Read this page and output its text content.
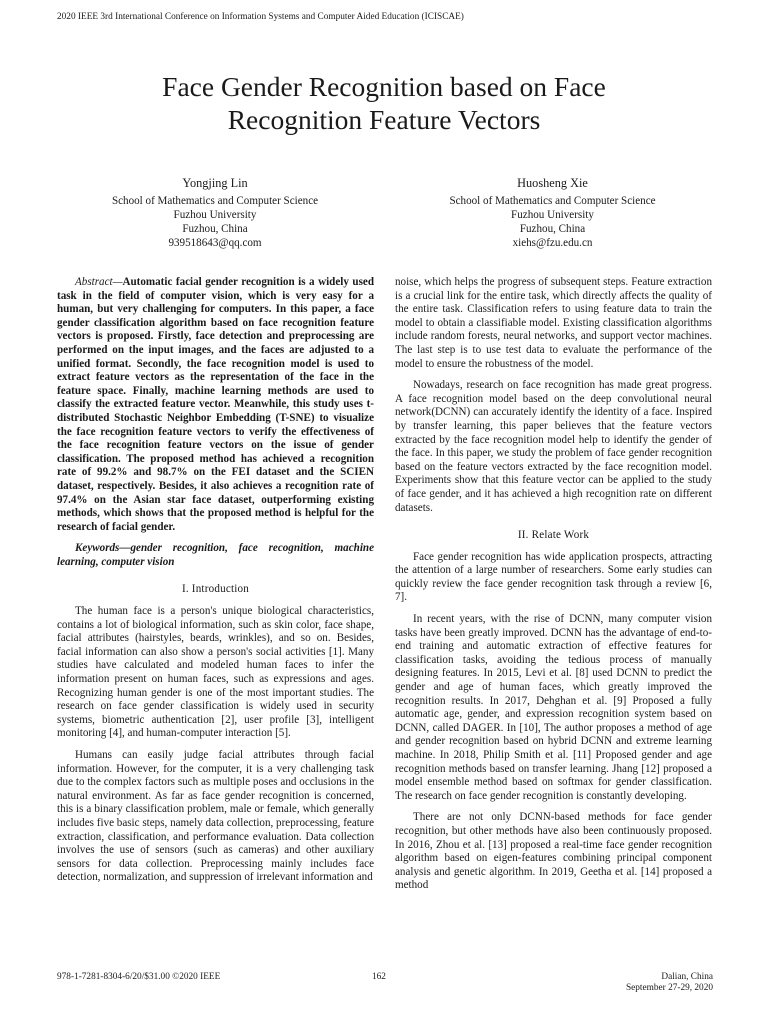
2020 IEEE 3rd International Conference on Information Systems and Computer Aided Education (ICISCAE)
Face Gender Recognition based on Face
Recognition Feature Vectors
Yongjing Lin
School of Mathematics and Computer Science
Fuzhou University
Fuzhou, China
939518643@qq.com
Huosheng Xie
School of Mathematics and Computer Science
Fuzhou University
Fuzhou, China
xiehs@fzu.edu.cn

Abstract—Automatic facial gender recognition is a widely used task in the field of computer vision, which is very easy for a human, but very challenging for computers. In this paper, a face gender classification algorithm based on face recognition feature vectors is proposed. Firstly, face detection and preprocessing are performed on the input images, and the faces are adjusted to a unified format. Secondly, the face recognition model is used to extract feature vectors as the representation of the face in the feature space. Finally, machine learning methods are used to classify the extracted feature vector. Meanwhile, this study uses t-distributed Stochastic Neighbor Embedding (T-SNE) to visualize the face recognition feature vectors to verify the effectiveness of the face recognition feature vectors on the issue of gender classification. The proposed method has achieved a recognition rate of 99.2% and 98.7% on the FEI dataset and the SCIEN dataset, respectively. Besides, it also achieves a recognition rate of 97.4% on the Asian star face dataset, outperforming existing methods, which shows that the proposed method is helpful for the research of facial gender.

Keywords—gender recognition, face recognition, machine learning, computer vision

I. Introduction

The human face is a person's unique biological characteristics, contains a lot of biological information, such as skin color, face shape, facial attributes (hairstyles, beards, wrinkles), and so on. Besides, facial information can also show a person's social activities [1]. Many studies have calculated and modeled human faces to infer the information present on human faces, such as expressions and ages. Recognizing human gender is one of the most important studies. The research on face gender classification is widely used in security systems, biometric authentication [2], user profile [3], intelligent monitoring [4], and human-computer interaction [5].

Humans can easily judge facial attributes through facial information. However, for the computer, it is a very challenging task due to the complex factors such as multiple poses and occlusions in the natural environment. As far as face gender recognition is concerned, this is a binary classification problem, male or female, which generally includes five basic steps, namely data collection, preprocessing, feature extraction, classification, and performance evaluation. Data collection involves the use of sensors (such as cameras) and other auxiliary sensors for data collection. Preprocessing mainly includes face detection, normalization, and suppression of irrelevant information and

noise, which helps the progress of subsequent steps. Feature extraction is a crucial link for the entire task, which directly affects the quality of the entire task. Classification refers to using feature data to train the model to obtain a classifiable model. Existing classification algorithms include random forests, neural networks, and support vector machines. The last step is to use test data to evaluate the performance of the model to ensure the robustness of the model.

Nowadays, research on face recognition has made great progress. A face recognition model based on the deep convolutional neural network(DCNN) can accurately identify the identity of a face. Inspired by transfer learning, this paper believes that the feature vectors extracted by the face recognition model help to identify the gender of the face. In this paper, we study the problem of face gender recognition based on the feature vectors extracted by the face recognition model. Experiments show that this feature vector can be applied to the study of face gender, and it has achieved a high recognition rate on different datasets.

II. Relate Work

Face gender recognition has wide application prospects, attracting the attention of a large number of researchers. Some early studies can quickly review the face gender recognition task through a review [6, 7].

In recent years, with the rise of DCNN, many computer vision tasks have been greatly improved. DCNN has the advantage of end-to-end training and automatic extraction of effective features for classification tasks, avoiding the tedious process of manually designing features. In 2015, Levi et al. [8] used DCNN to predict the gender and age of human faces, which greatly improved the recognition results. In 2017, Dehghan et al. [9] Proposed a fully automatic age, gender, and expression recognition system based on DCNN, called DAGER. In [10], The author proposes a method of age and gender recognition based on hybrid DCNN and extreme learning machine. In 2018, Philip Smith et al. [11] Proposed gender and age recognition methods based on transfer learning. Jhang [12] proposed a model ensemble method based on softmax for gender classification. The research on face gender recognition is constantly developing.

There are not only DCNN-based methods for face gender recognition, but other methods have also been continuously proposed. In 2016, Zhou et al. [13] proposed a real-time face gender recognition algorithm based on eigen-features combining principal component analysis and genetic algorithm. In 2019, Geetha et al. [14] proposed a method

978-1-7281-8304-6/20/$31.00 ©2020 IEEE	162	Dalian, China
September 27-29, 2020
